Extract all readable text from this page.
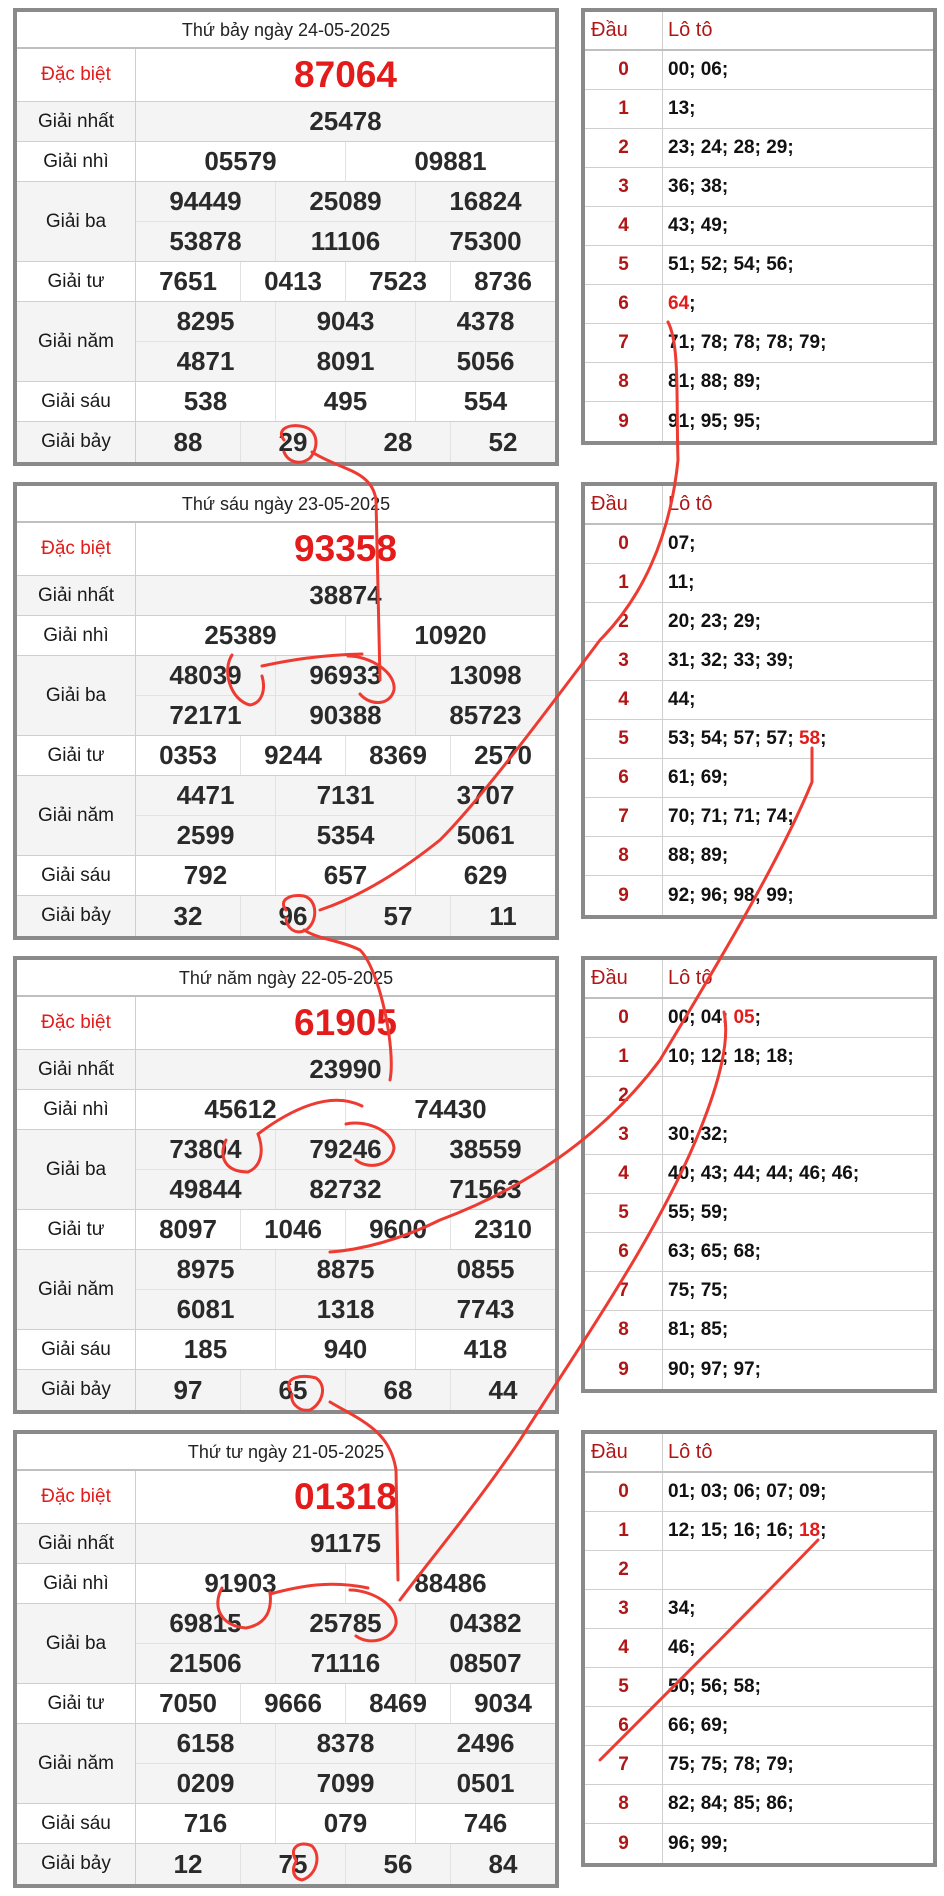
Thứ bảy ngày 24-05-2025
Đặc biệt	87064
Giải nhất	25478
Giải nhì	05579	09881
Giải ba
94449	25089	16824
53878	11106	75300
Giải tư	7651	0413	7523	8736
Giải năm
8295	9043	4378
4871	8091	5056
Giải sáu	538	495	554
Giải bảy	88	29	28	52
Đầu	Lô tô
0	00; 06;
1	13;
2	23; 24; 28; 29;
3	36; 38;
4	43; 49;
5	51; 52; 54; 56;
6	64 ;
7	71; 78; 78; 78; 79;
8	81; 88; 89;
9	91; 95; 95;
Thứ sáu ngày 23-05-2025
Đặc biệt	93358
Giải nhất	38874
Giải nhì	25389	10920
Giải ba
48039	96933	13098
72171	90388	85723
Giải tư	0353	9244	8369	2570
Giải năm
4471	7131	3707
2599	5354	5061
Giải sáu	792	657	629
Giải bảy	32	96	57	11
Đầu	Lô tô
0	07;
1	11;
2	20; 23; 29;
3	31; 32; 33; 39;
4	44;
5	53; 54; 57; 57; 58 ;
6	61; 69;
7	70; 71; 71; 74;
8	88; 89;
9	92; 96; 98; 99;
Thứ năm ngày 22-05-2025
Đặc biệt	61905
Giải nhất	23990
Giải nhì	45612	74430
Giải ba
73804	79246	38559
49844	82732	71563
Giải tư	8097	1046	9600	2310
Giải năm
8975	8875	0855
6081	1318	7743
Giải sáu	185	940	418
Giải bảy	97	65	68	44
Đầu	Lô tô
0	00; 04; 05 ;
1	10; 12; 18; 18;
2
3	30; 32;
4	40; 43; 44; 44; 46; 46;
5	55; 59;
6	63; 65; 68;
7	75; 75;
8	81; 85;
9	90; 97; 97;
Thứ tư ngày 21-05-2025
Đặc biệt	01318
Giải nhất	91175
Giải nhì	91903	88486
Giải ba
69815	25785	04382
21506	71116	08507
Giải tư	7050	9666	8469	9034
Giải năm
6158	8378	2496
0209	7099	0501
Giải sáu	716	079	746
Giải bảy	12	75	56	84
Đầu	Lô tô
0	01; 03; 06; 07; 09;
1	12; 15; 16; 16; 18 ;
2
3	34;
4	46;
5	50; 56; 58;
6	66; 69;
7	75; 75; 78; 79;
8	82; 84; 85; 86;
9	96; 99;
